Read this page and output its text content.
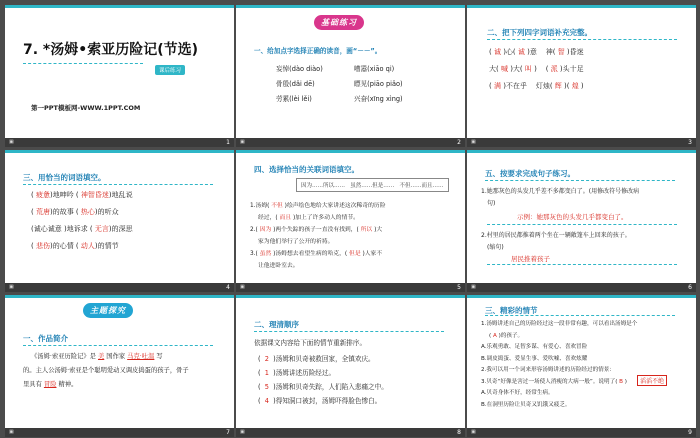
7. *汤姆•索亚历险记(节选)
课后练习
第一PPT模板网-WWW.1PPT.COM
▣	1
基础练习
一、给加点字选择正确的读音，画“－－”。
妄悼(dào diào)	嘈嚣(xiāo qi)
骨殷(dǎi dē)	瞟见(piāo piǎo)
劳累(lèi lěi)	兴奋(xīng xìng)
▣	2
二、把下列四字词语补充完整。
( 诚 )心( 诚 )意    神( 智 )昏迷
大( 喊 )大( 叫 )    ( 派 )头十足
( 满 )不在乎    灯烛( 辉 )( 煌 )
▣	3
三、用恰当的词语填空。
( 疲惫)地呻吟 ( 神智昏迷)地乱说
( 荒唐)的故事 ( 热心)的听众
(诚心诚意 )地诉求 ( 无言)的深思
( 悲伤)的心情 ( 动人)的情节
▣	4
四、选择恰当的关联词语填空。
因为……所以…… 虽然……但是…… 不但……而且……
1.汤姆( 不但 )绘声绘色地给大家讲述这次稀奇的历险
经过，( 而且 )加上了许多动人的情节。
2.( 因为 )两个失踪的孩子一直没有找到，( 所以 )大
家为他们举行了公开的祈祷。
3.( 虽然 )汤姆想去看望生病的哈克，( 但是 )人家不
让他进卧室去。
▣	5
五、按要求完成句子练习。
1.她那灰色的头发几乎差不多都变白了。(用修改符号修改病
句)
示例：她那灰色的头发几乎都变白了。
2.村里的居民都推着两个坐在一辆敞篷车上回来的孩子。
(缩句)
居民推着孩子
▣	6
主题探究
一、作品简介
《汤姆·索亚历险记》是 美 国作家 马克·吐温 写
的。主人公汤姆·索亚是个聪明爱动又调皮捣蛋的孩子，骨子
里具有 冒险 精神。
▣	7
二、理清顺序
依据课文内容给下面的情节重新排序。
(  2  )汤姆和贝奇被救回家，全镇欢庆。
(  1  )汤姆讲述历险经过。
(  5  )汤姆和贝奇失踪，人们陷入悲痛之中。
(  4  )得知洞口被封，汤姆吓得脸色惨白。
▣	8
三、精彩的情节
1.汤姆讲述自己的历险经过这一段非常有趣，可以看出汤姆是个
( A )的孩子。
A.乐观勇敢、足智多谋、有爱心、喜欢冒险
B.调皮捣蛋、爱显生事、爱吹嘘、喜欢炫耀
2.我可以用一个词来形容汤姆讲述的历险经过的情景：
3.贝奇“好像是害过一场使人消瘦的大病一般”。说明了( B )
A.贝奇身体不好，经常生病。
B.在洞里历险让贝奇又饥饿又疲乏。
滔滔不绝
▣	9
